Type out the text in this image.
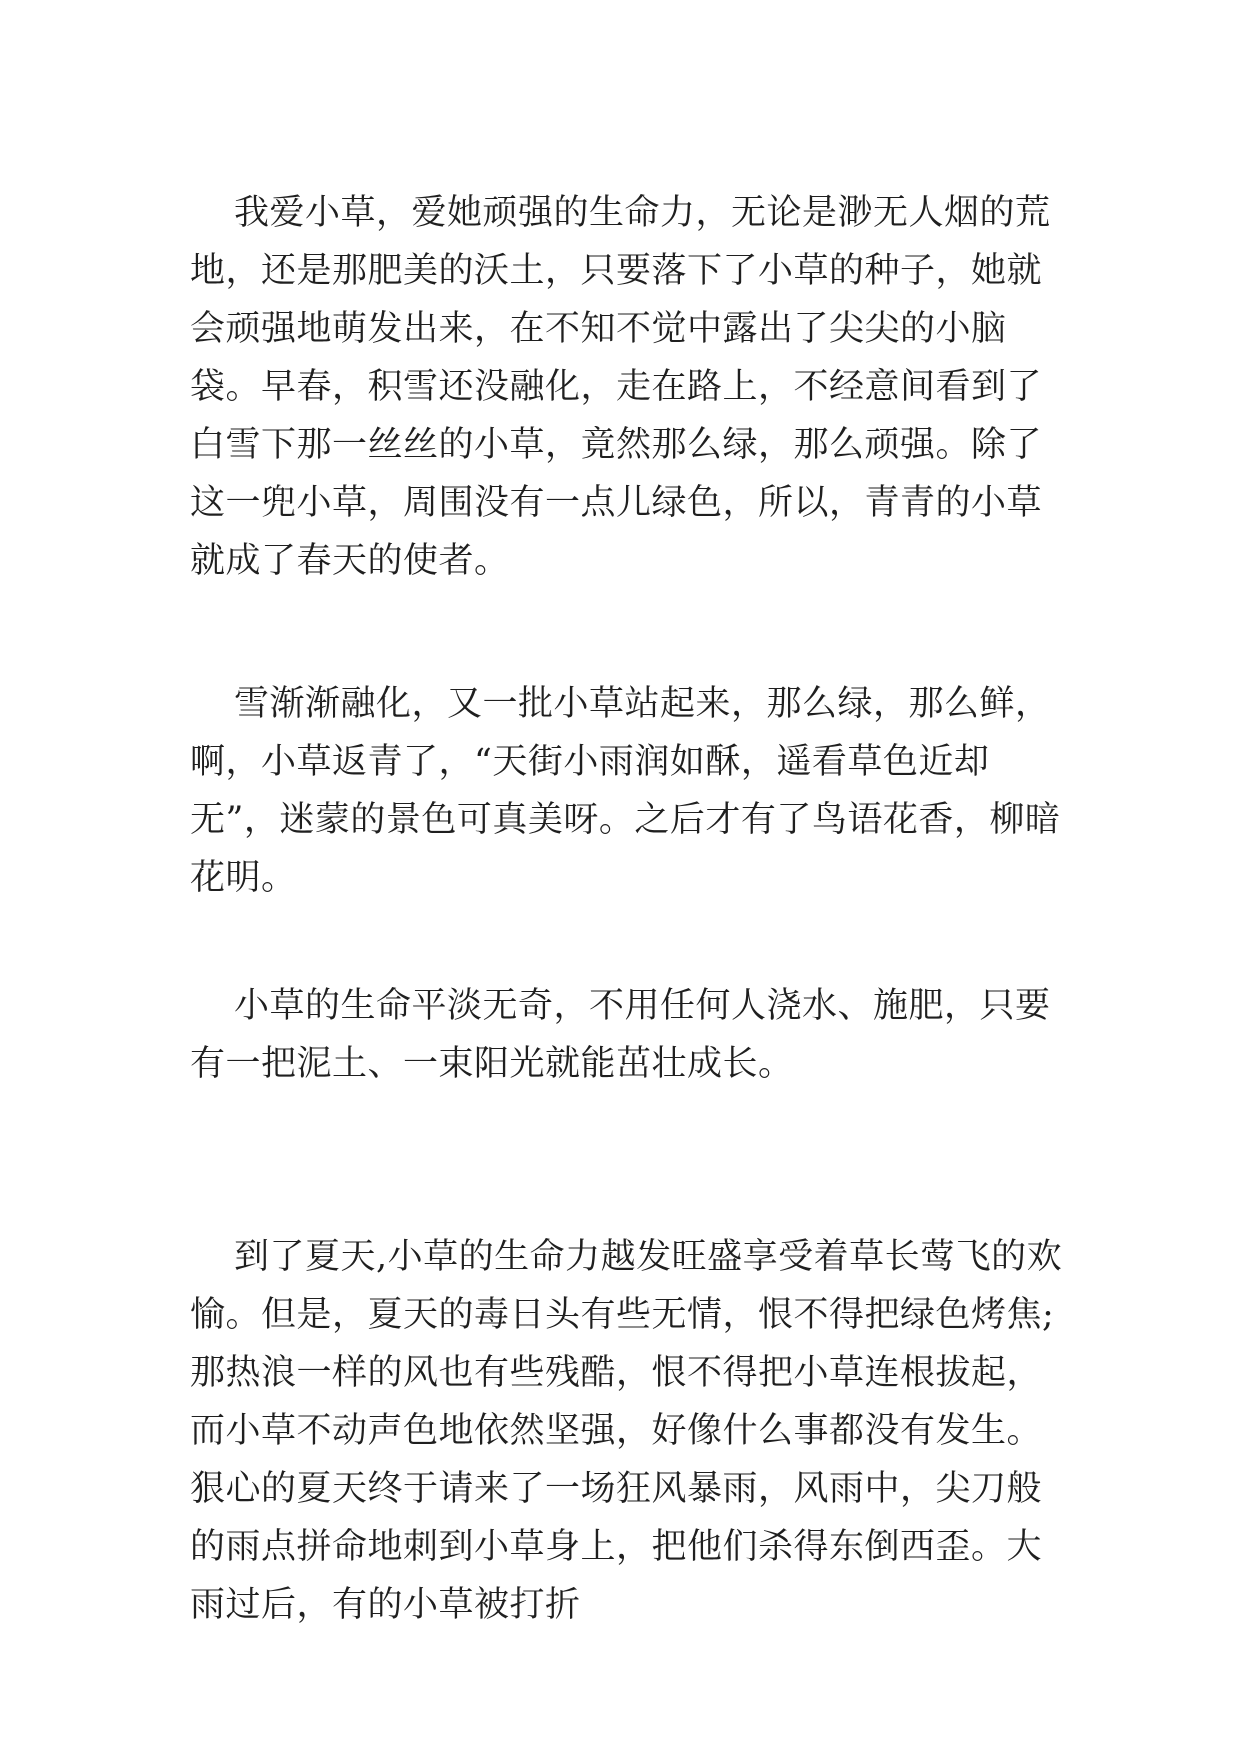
我爱小草，爱她顽强的生命力，无论是渺无人烟的荒地，还是那肥美的沃土，只要落下了小草的种子，她就会顽强地萌发出来，在不知不觉中露出了尖尖的小脑袋。早春，积雪还没融化，走在路上，不经意间看到了白雪下那一丝丝的小草，竟然那么绿，那么顽强。除了这一兜小草，周围没有一点儿绿色，所以，青青的小草就成了春天的使者。

雪渐渐融化，又一批小草站起来，那么绿，那么鲜，啊，小草返青了，“天街小雨润如酥，遥看草色近却无”，迷蒙的景色可真美呀。之后才有了鸟语花香，柳暗花明。

小草的生命平淡无奇，不用任何人浇水、施肥，只要有一把泥土、一束阳光就能茁壮成长。

到了夏天,小草的生命力越发旺盛享受着草长莺飞的欢愉。但是，夏天的毒日头有些无情，恨不得把绿色烤焦;那热浪一样的风也有些残酷，恨不得把小草连根拔起，而小草不动声色地依然坚强，好像什么事都没有发生。狠心的夏天终于请来了一场狂风暴雨，风雨中，尖刀般的雨点拼命地刺到小草身上，把他们杀得东倒西歪。大雨过后，有的小草被打折
